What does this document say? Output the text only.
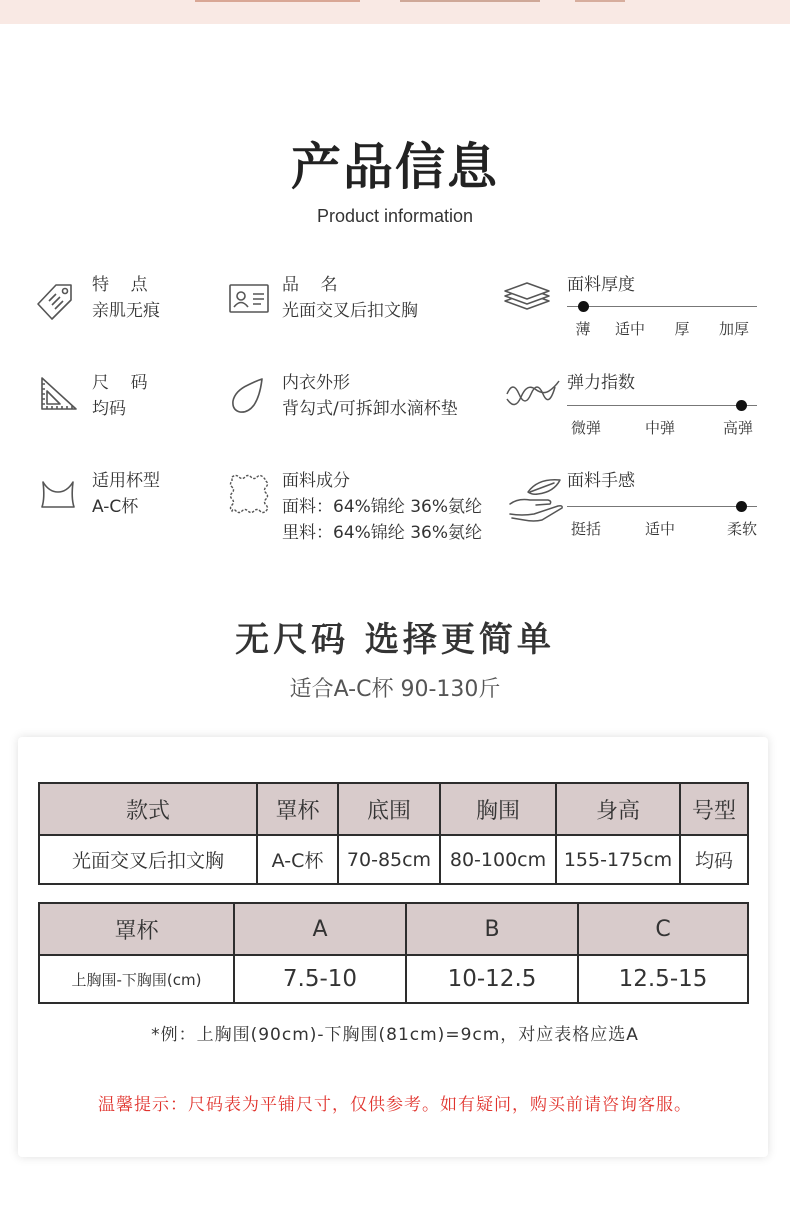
产品信息
Product information
特    点
亲肌无痕
品    名
光面交叉后扣文胸
面料厚度
薄 适中 厚 加厚
尺    码
均码
内衣外形
背勾式/可拆卸水滴杯垫
弹力指数
微弹	中弹	高弹
适用杯型
A-C杯
面料成分
面料：64%锦纶 36%氨纶
里料：64%锦纶 36%氨纶
面料手感
挺括	适中	柔软
无尺码 选择更简单
适合A-C杯 90-130斤
款式	罩杯	底围	胸围	身高	号型
光面交叉后扣文胸	A-C杯	70-85cm	80-100cm	155-175cm	均码
罩杯	A	B	C
上胸围-下胸围(cm)	7.5-10	10-12.5	12.5-15
*例：上胸围(90cm)-下胸围(81cm)=9cm，对应表格应选A
温馨提示：尺码表为平铺尺寸，仅供参考。如有疑问，购买前请咨询客服。
